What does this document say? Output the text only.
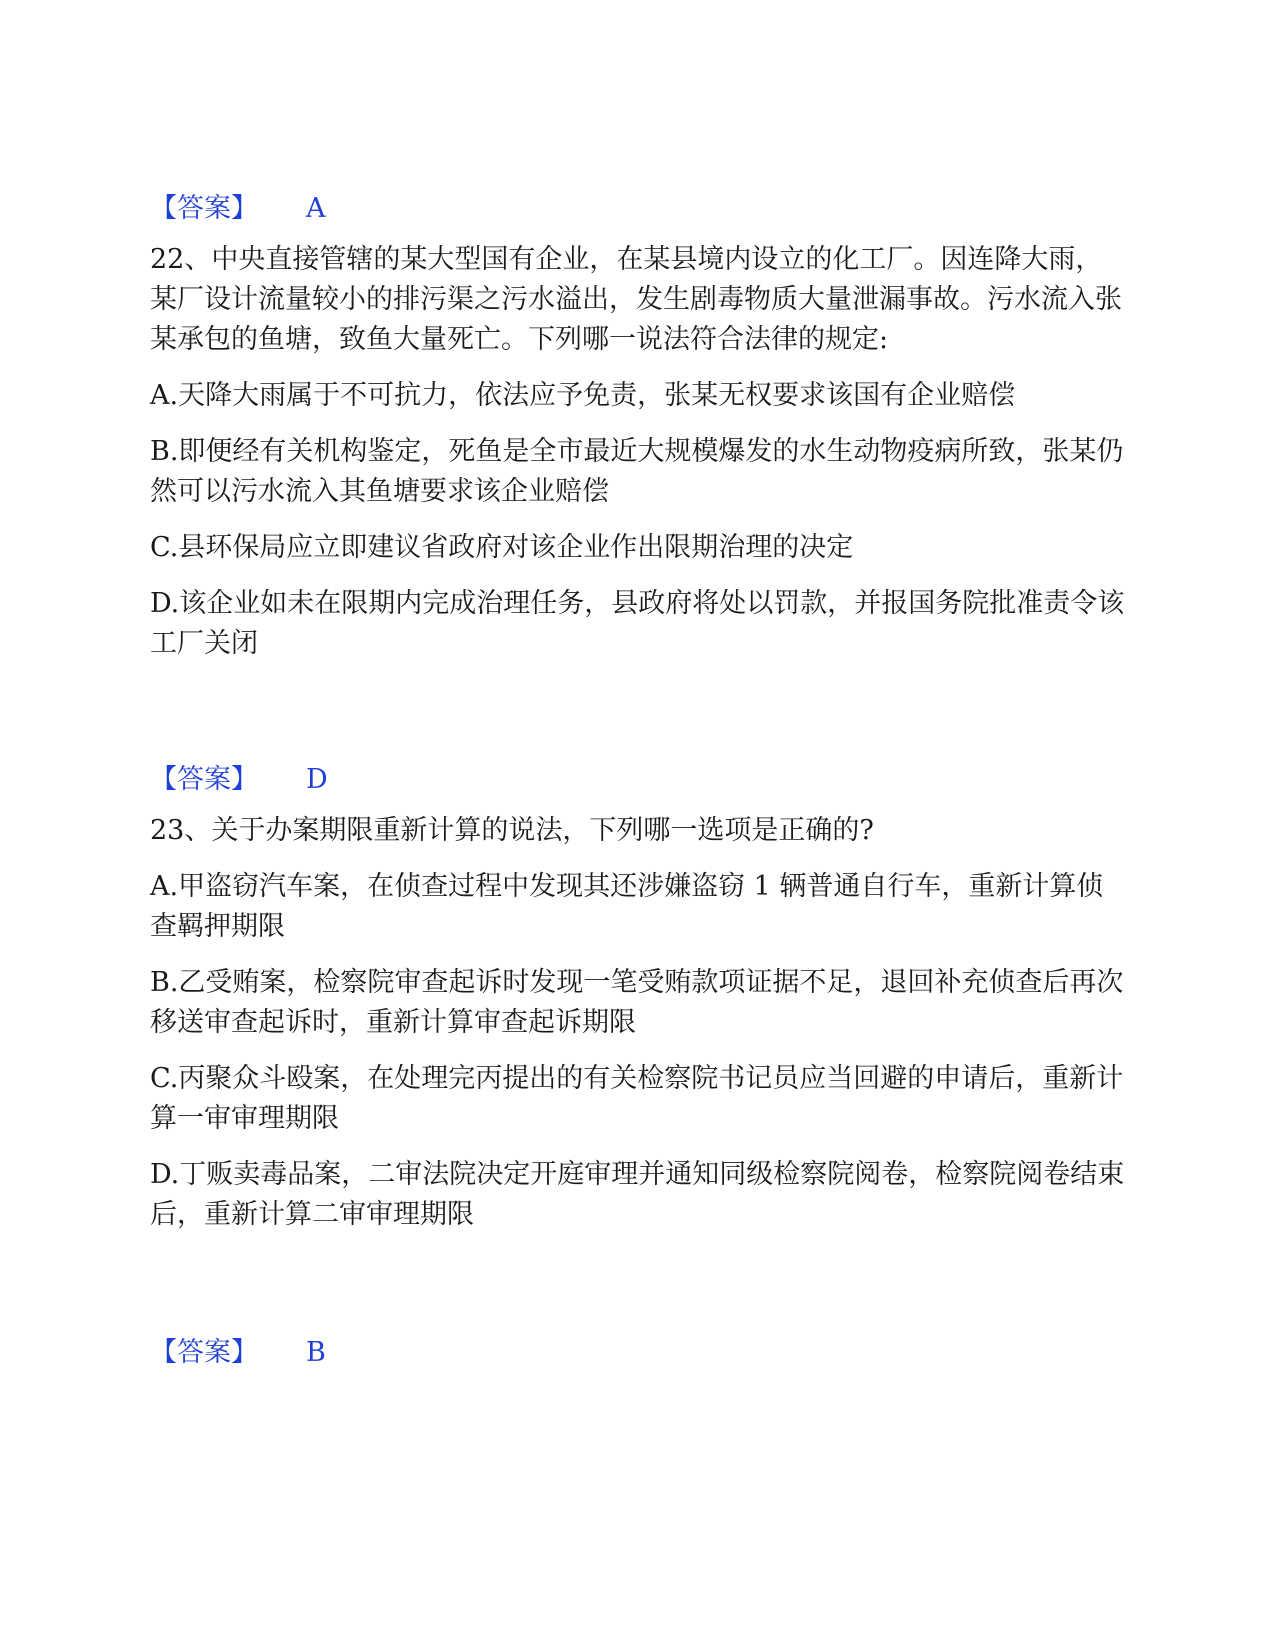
【答案】 A

22、中央直接管辖的某大型国有企业，在某县境内设立的化工厂。因连降大雨，某厂设计流量较小的排污渠之污水溢出，发生剧毒物质大量泄漏事故。污水流入张某承包的鱼塘，致鱼大量死亡。下列哪一说法符合法律的规定:

A.天降大雨属于不可抗力，依法应予免责，张某无权要求该国有企业赔偿

B.即便经有关机构鉴定，死鱼是全市最近大规模爆发的水生动物疫病所致，张某仍然可以污水流入其鱼塘要求该企业赔偿

C.县环保局应立即建议省政府对该企业作出限期治理的决定

D.该企业如未在限期内完成治理任务，县政府将处以罚款，并报国务院批准责令该工厂关闭

【答案】 D

23、关于办案期限重新计算的说法，下列哪一选项是正确的?

A.甲盗窃汽车案，在侦查过程中发现其还涉嫌盗窃 1 辆普通自行车，重新计算侦查羁押期限

B.乙受贿案，检察院审查起诉时发现一笔受贿款项证据不足，退回补充侦查后再次移送审查起诉时，重新计算审查起诉期限

C.丙聚众斗殴案，在处理完丙提出的有关检察院书记员应当回避的申请后，重新计算一审审理期限

D.丁贩卖毒品案，二审法院决定开庭审理并通知同级检察院阅卷，检察院阅卷结束后，重新计算二审审理期限

【答案】 B
